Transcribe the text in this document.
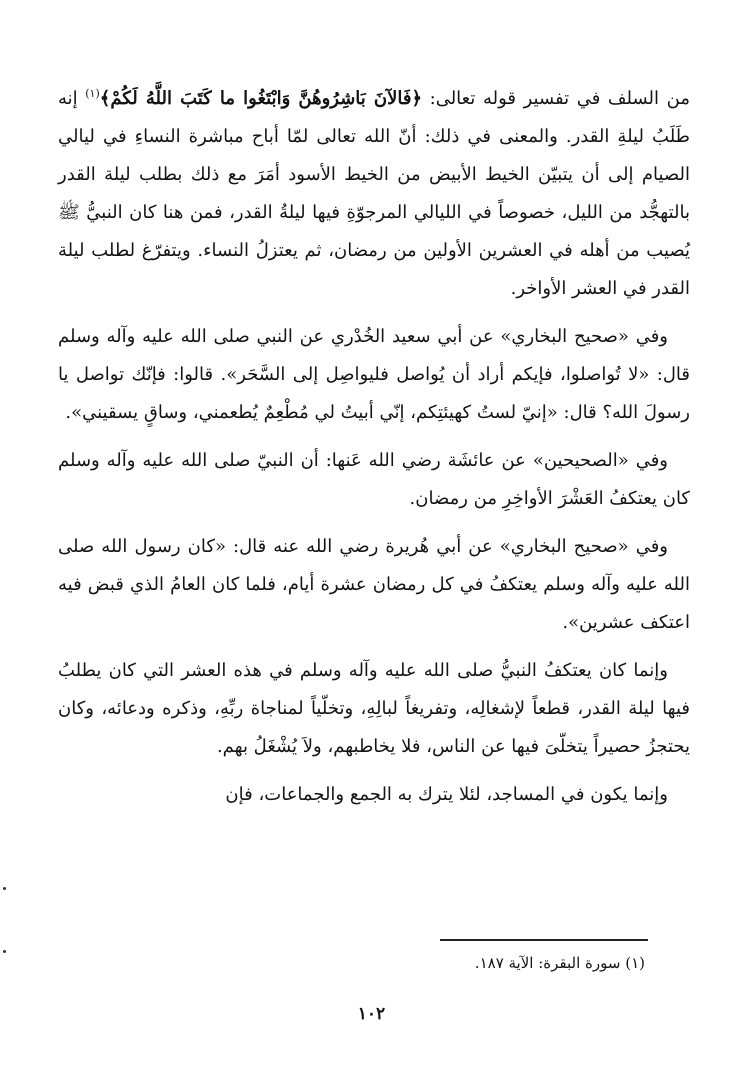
من السلف في تفسير قوله تعالى: ﴿فَالآنَ بَاشِرُوهُنَّ وَابْتَغُوا ما كَتَبَ اللَّهُ لَكُمْ﴾$^{(١)}$ إنه طَلَبُ ليلةِ القدر. والمعنى في ذلك: أنّ الله تعالى لمّا أباح مباشرة النساءِ في ليالي الصيام إلى أن يتبيّن الخيط الأبيض من الخيط الأسود أمَرَ مع ذلك بطلب ليلة القدر بالتهجُّد من الليل، خصوصاً في الليالي المرجوّةِ فيها ليلةُ القدر، فمن هنا كان النبيُّ ﷺ يُصيب من أهله في العشرين الأولين من رمضان، ثم يعتزلُ النساء. ويتفرّغ لطلب ليلة القدر في العشر الأواخر.

وفي «صحيح البخاري» عن أبي سعيد الخُدْري عن النبي صلى الله عليه وآله وسلم قال: «لا تُواصلوا، فإيكم أراد أن يُواصل فليواصِل إلى السَّحَر». قالوا: فإنّك تواصل يا رسولَ الله؟ قال: «إنيّ لستُ كهيئتِكم، إنّي أبيتُ لي مُطْعِمٌ يُطعمني، وساقٍ يسقيني».

وفي «الصحيحين» عن عائشَة رضي الله عَنها: أن النبيّ صلى الله عليه وآله وسلم كان يعتكفُ العَشْرَ الأواخِرِ من رمضان.

وفي «صحيح البخاري» عن أبي هُريرة رضي الله عنه قال: «كان رسول الله صلى الله عليه وآله وسلم يعتكفُ في كل رمضان عشرة أيام، فلما كان العامُ الذي قبض فيه اعتكف عشرين».

وإنما كان يعتكفُ النبيُّ صلى الله عليه وآله وسلم في هذه العشر التي كان يطلبُ فيها ليلة القدر، قطعاً لإشغالِه، وتفريغاً لبالِهِ، وتخلّياً لمناجاة ربِّهِ، وذكره ودعائه، وكان يحتجزُ حصيراً يتخلّىَ فيها عن الناس، فلا يخاطبهم، ولاَ يُشْغَلُ بهم.

وإنما يكون في المساجد، لئلا يترك به الجمع والجماعات، فإن

(١) سورة البقرة: الآية ١٨٧.
١٠٢
